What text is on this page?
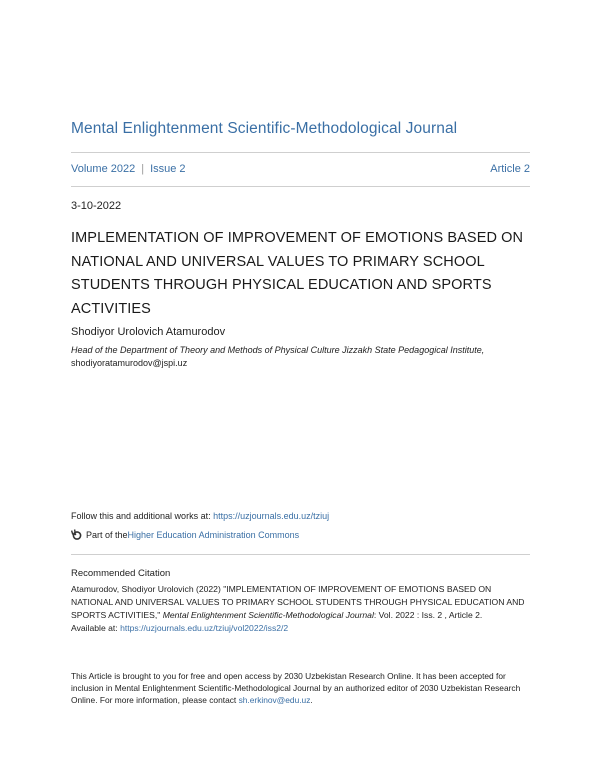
Mental Enlightenment Scientific-Methodological Journal
Volume 2022 | Issue 2	Article 2
3-10-2022
IMPLEMENTATION OF IMPROVEMENT OF EMOTIONS BASED ON NATIONAL AND UNIVERSAL VALUES TO PRIMARY SCHOOL STUDENTS THROUGH PHYSICAL EDUCATION AND SPORTS ACTIVITIES
Shodiyor Urolovich Atamurodov
Head of the Department of Theory and Methods of Physical Culture Jizzakh State Pedagogical Institute,
shodiyoratamurodov@jspi.uz
Follow this and additional works at: https://uzjournals.edu.uz/tziuj
Part of the Higher Education Administration Commons
Recommended Citation
Atamurodov, Shodiyor Urolovich (2022) "IMPLEMENTATION OF IMPROVEMENT OF EMOTIONS BASED ON NATIONAL AND UNIVERSAL VALUES TO PRIMARY SCHOOL STUDENTS THROUGH PHYSICAL EDUCATION AND SPORTS ACTIVITIES," Mental Enlightenment Scientific-Methodological Journal: Vol. 2022 : Iss. 2 , Article 2.
Available at: https://uzjournals.edu.uz/tziuj/vol2022/iss2/2
This Article is brought to you for free and open access by 2030 Uzbekistan Research Online. It has been accepted for inclusion in Mental Enlightenment Scientific-Methodological Journal by an authorized editor of 2030 Uzbekistan Research Online. For more information, please contact sh.erkinov@edu.uz.
